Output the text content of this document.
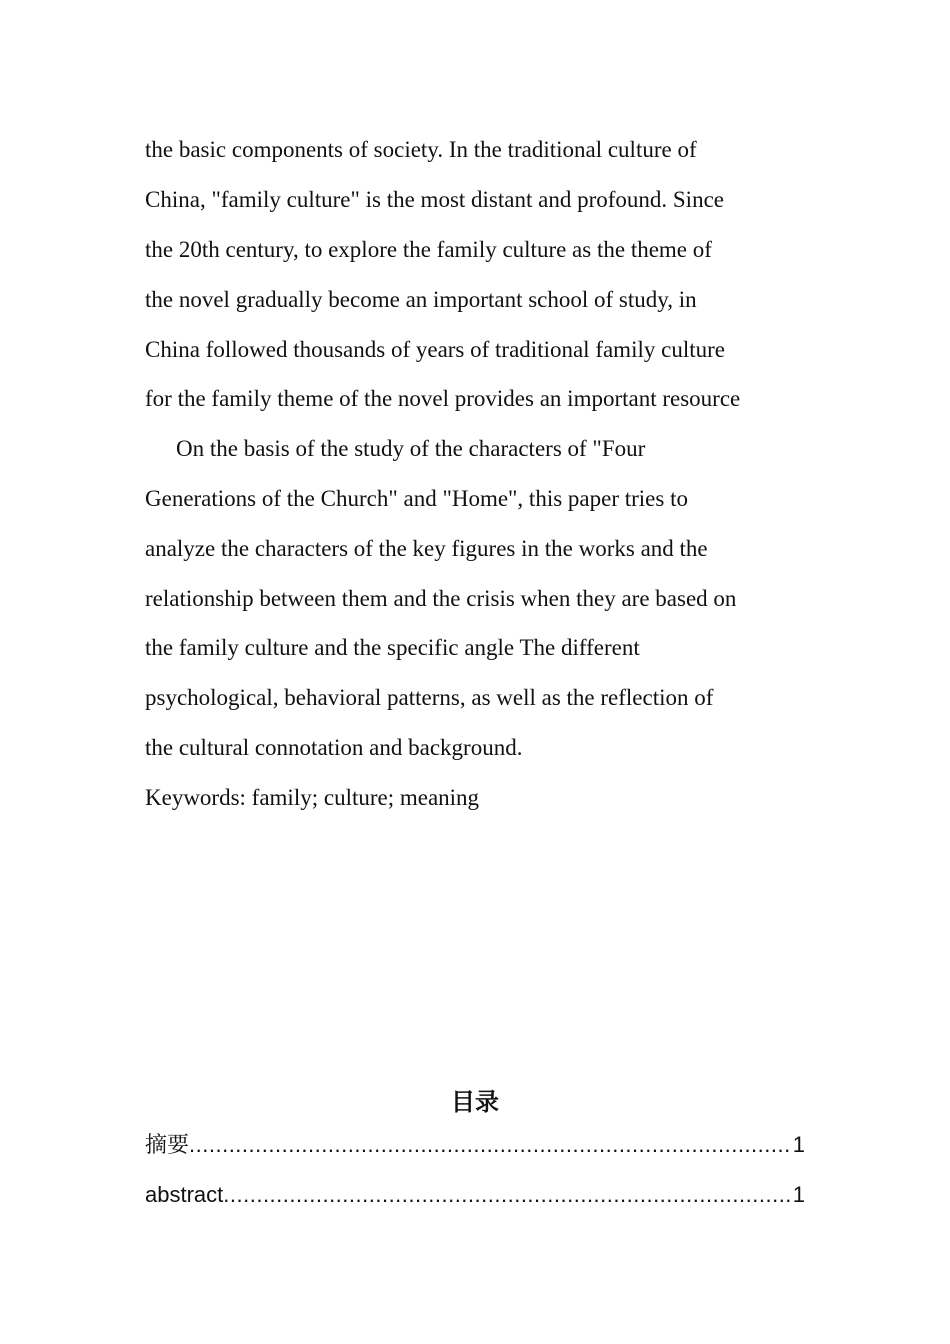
the basic components of society. In the traditional culture of
China, "family culture" is the most distant and profound. Since
the 20th century, to explore the family culture as the theme of
the novel gradually become an important school of study, in
China followed thousands of years of traditional family culture
for the family theme of the novel provides an important resource
On the basis of the study of the characters of "Four
Generations of the Church" and "Home", this paper tries to
analyze the characters of the key figures in the works and the
relationship between them and the crisis when they are based on
the family culture and the specific angle The different
psychological, behavioral patterns, as well as the reflection of
the cultural connotation and background.
Keywords: family; culture; meaning
目录
摘要 .....	1
abstract .....	1
